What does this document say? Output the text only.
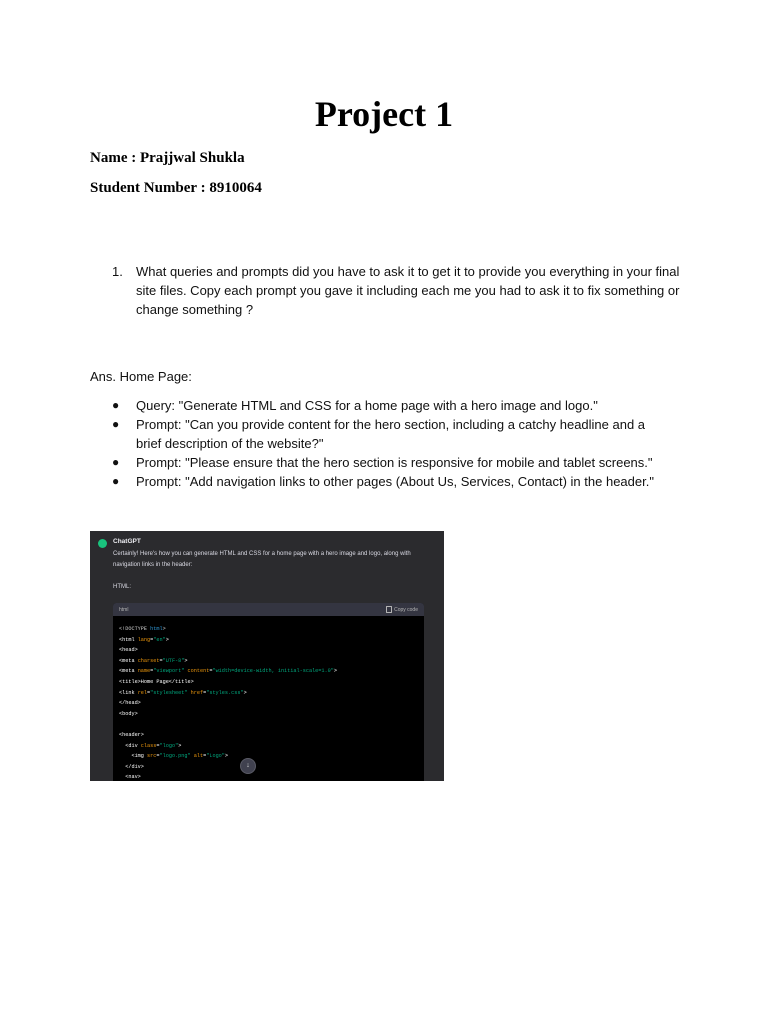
Project 1
Name : Prajjwal Shukla
Student Number : 8910064
1.	What queries and prompts did you have to ask it to get it to provide you everything in your final site files. Copy each prompt you gave it including each me you had to ask it to fix something or change something ?
Ans. Home Page:
●	Query: "Generate HTML and CSS for a home page with a hero image and logo."
●	Prompt: "Can you provide content for the hero section, including a catchy headline and a brief description of the website?"
●	Prompt: "Please ensure that the hero section is responsive for mobile and tablet screens."
●	Prompt: "Add navigation links to other pages (About Us, Services, Contact) in the header."
ChatGPT
Certainly! Here's how you can generate HTML and CSS for a home page with a hero image and logo, along with navigation links in the header:
HTML:
html	Copy code
<!DOCTYPE html>
<html lang="en">
<head>
<meta charset="UTF-8">
<meta name="viewport" content="width=device-width, initial-scale=1.0">
<title>Home Page</title>
<link rel="stylesheet" href="styles.css">
</head>
<body>

<header>
<div class="logo">
<img src="logo.png" alt="Logo">
</div>
<nav>
↓
